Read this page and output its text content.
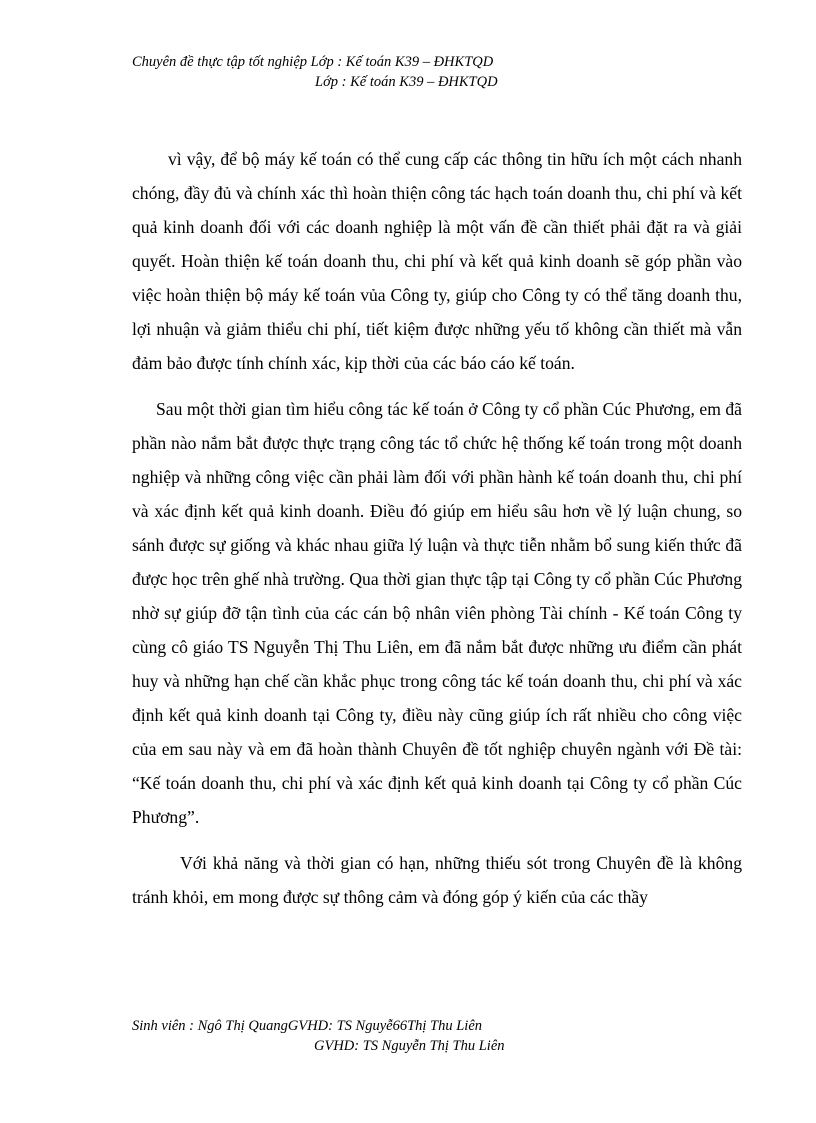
Chuyên đề thực tập tốt nghiệp Lớp : Kế toán K39 – ĐHKTQD
Lớp : Kế toán K39 – ĐHKTQD

vì vậy, để bộ máy kế toán có thể cung cấp các thông tin hữu ích một cách nhanh chóng, đầy đủ và chính xác thì hoàn thiện công tác hạch toán doanh thu, chi phí và kết quả kinh doanh đối với các doanh nghiệp là một vấn đề cần thiết phải đặt ra và giải quyết. Hoàn thiện kế toán doanh thu, chi phí và kết quả kinh doanh sẽ góp phần vào việc hoàn thiện bộ máy kế toán vủa Công ty, giúp cho Công ty có thể tăng doanh thu, lợi nhuận và giảm thiểu chi phí, tiết kiệm được những yếu tố không cần thiết mà vẫn đảm bảo được tính chính xác, kịp thời của các báo cáo kế toán.

Sau một thời gian tìm hiểu công tác kế toán ở Công ty cổ phần Cúc Phương, em đã phần nào nắm bắt được thực trạng công tác tổ chức hệ thống kế toán trong một doanh nghiệp và những công việc cần phải làm đối với phần hành kế toán doanh thu, chi phí và xác định kết quả kinh doanh. Điều đó giúp em hiểu sâu hơn về lý luận chung, so sánh được sự giống và khác nhau giữa lý luận và thực tiễn nhằm bổ sung kiến thức đã được học trên ghế nhà trường. Qua thời gian thực tập tại Công ty cổ phần Cúc Phương nhờ sự giúp đỡ tận tình của các cán bộ nhân viên phòng Tài chính - Kế toán Công ty cùng cô giáo TS Nguyễn Thị Thu Liên, em đã nắm bắt được những ưu điểm cần phát huy và những hạn chế cần khắc phục trong công tác kế toán doanh thu, chi phí và xác định kết quả kinh doanh tại Công ty, điều này cũng giúp ích rất nhiều cho công việc của em sau này và em đã hoàn thành Chuyên đề tốt nghiệp chuyên ngành với Đề tài: “Kế toán doanh thu, chi phí và xác định kết quả kinh doanh tại Công ty cổ phần Cúc Phương”.

Với khả năng và thời gian có hạn, những thiếu sót trong Chuyên đề là không tránh khỏi, em mong được sự thông cảm và đóng góp ý kiến của các thầy

Sinh viên : Ngô Thị QuangGVHD: TS Nguyễ66Thị Thu Liên
GVHD: TS Nguyễn Thị Thu Liên
